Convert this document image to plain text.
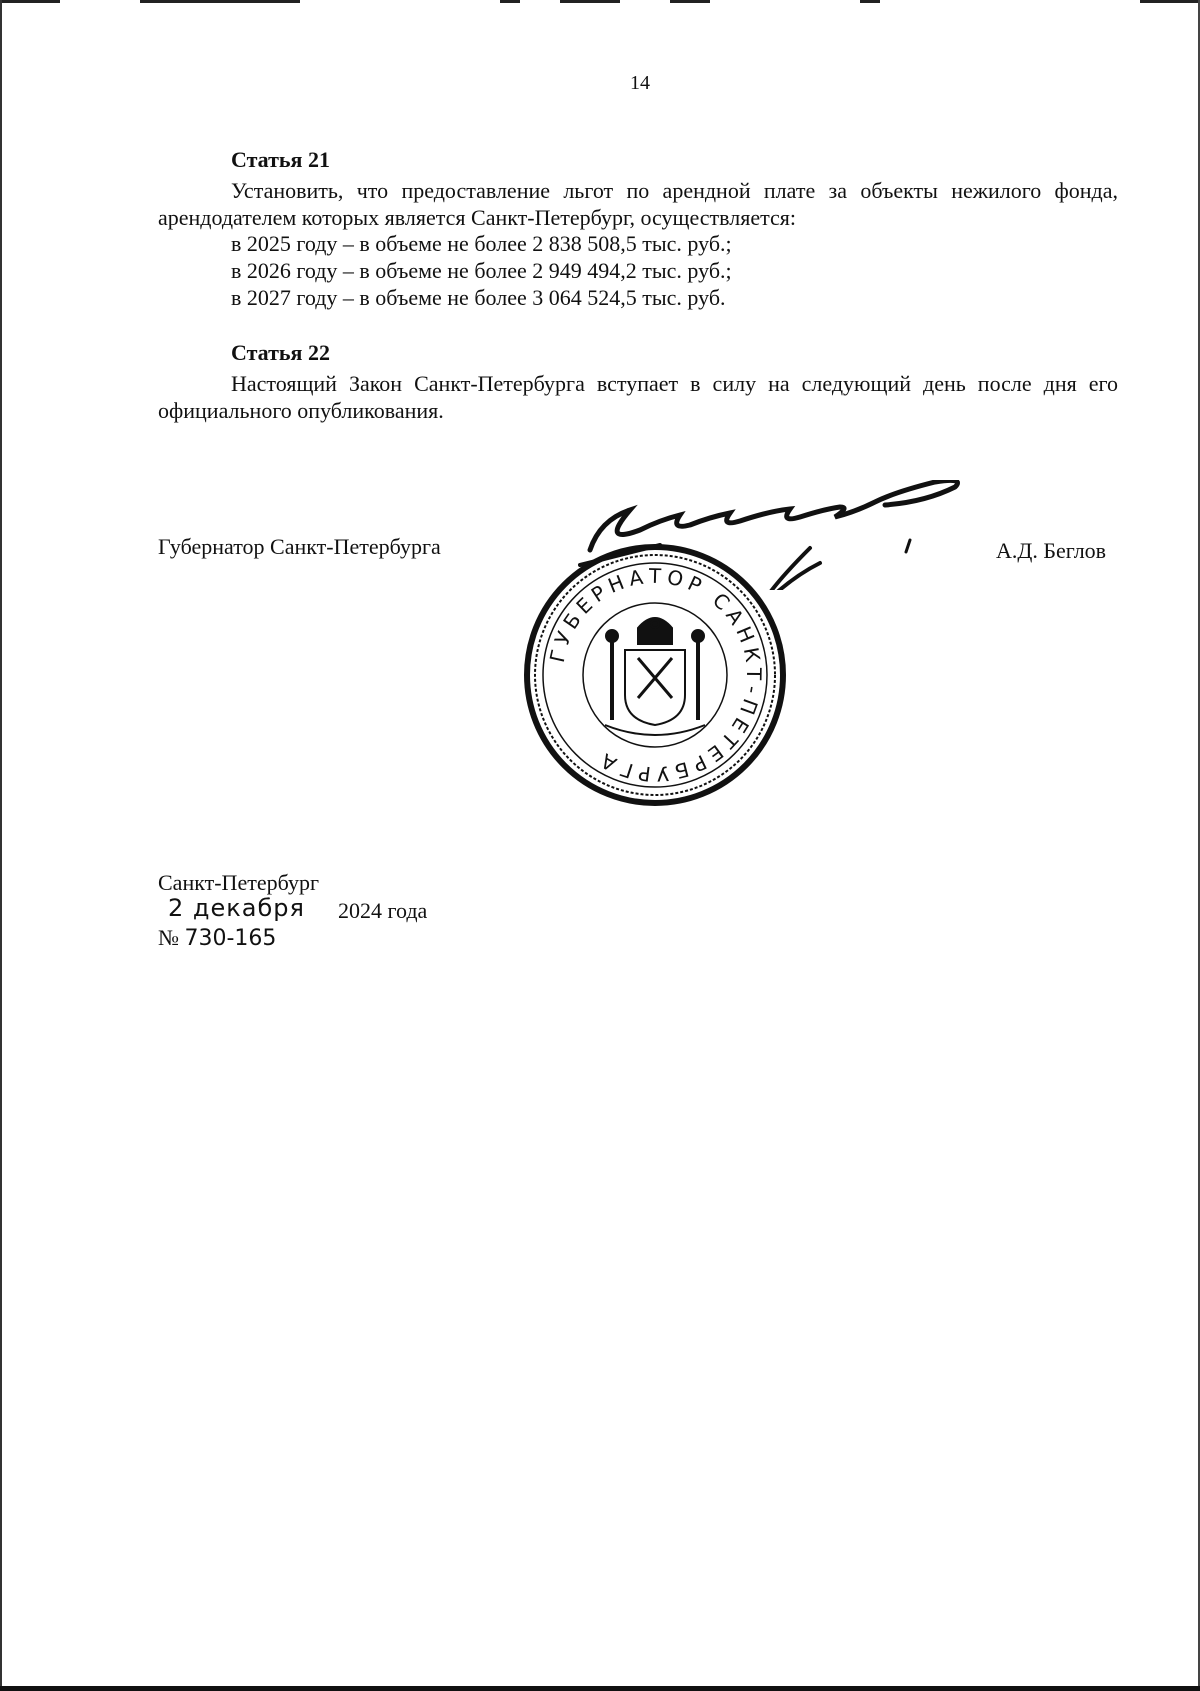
14
Статья 21

Установить, что предоставление льгот по арендной плате за объекты нежилого фонда, арендодателем которых является Санкт-Петербург, осуществляется:

в 2025 году – в объеме не более 2 838 508,5 тыс. руб.;
в 2026 году – в объеме не более 2 949 494,2 тыс. руб.;
в 2027 году – в объеме не более 3 064 524,5 тыс. руб.
Статья 22

Настоящий Закон Санкт-Петербурга вступает в силу на следующий день после дня его официального опубликования.

Губернатор Санкт-Петербурга	А.Д. Беглов
ГУБЕРНАТОР САНКТ-ПЕТЕРБУРГА
Санкт-Петербург
2 декабря 2024 года
№ 730-165
